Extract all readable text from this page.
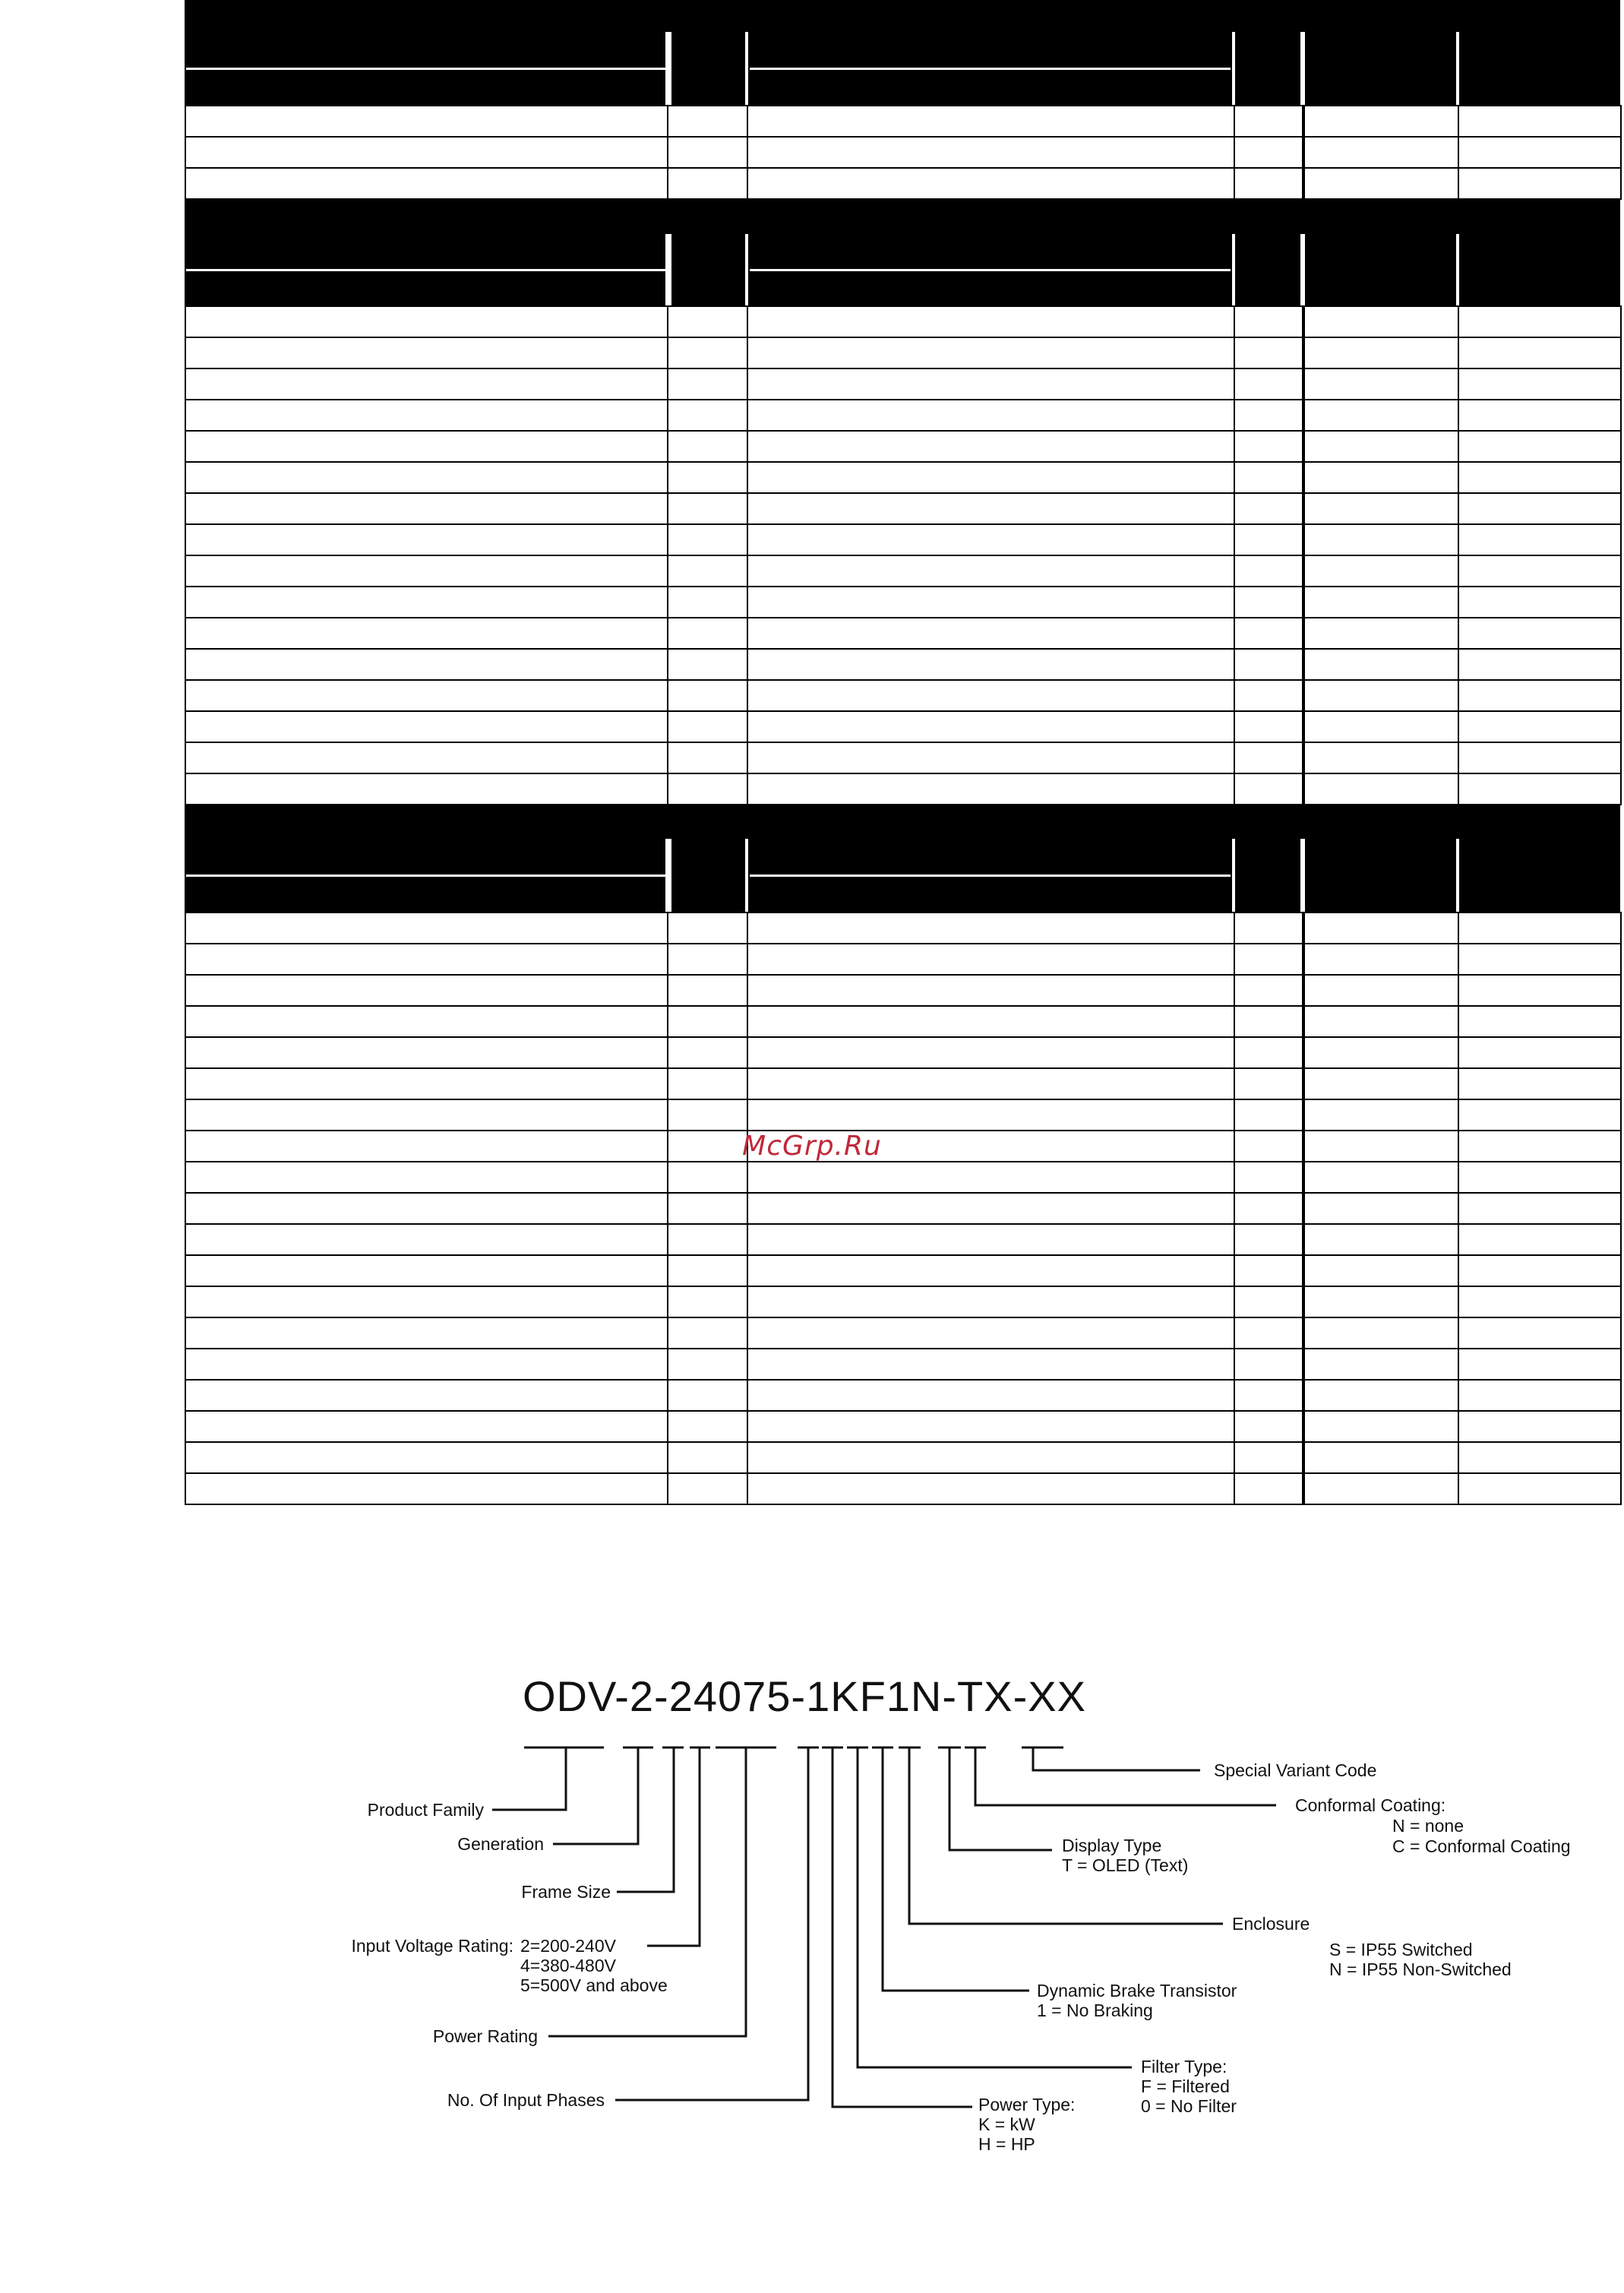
McGrp.Ru
ODV-2-24075-1KF1N-TX-XX
Product Family
Generation
Frame Size
Input Voltage Rating: 2=200-240V
4=380-480V
5=500V and above
Power Rating
No. Of Input Phases	Power Type:
K = kW
H = HP
Filter Type:
F = Filtered
0 = No Filter
Dynamic Brake Transistor
1 = No Braking
Enclosure
S = IP55 Switched
N = IP55 Non-Switched
Display Type
T = OLED (Text)
Conformal Coating:
N = none
C = Conformal Coating
Special Variant Code
